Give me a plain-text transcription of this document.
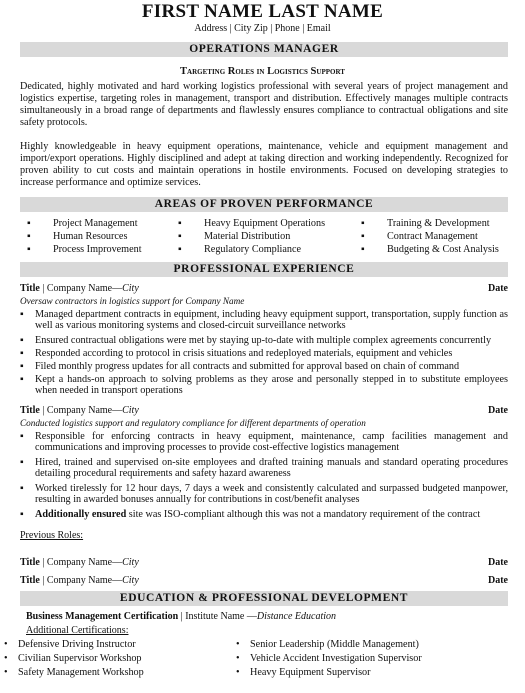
FIRST NAME LAST NAME
Address | City Zip | Phone | Email
OPERATIONS MANAGER
Targeting Roles in Logistics Support
Dedicated, highly motivated and hard working logistics professional with several years of project management and logistics expertise, targeting roles in management, transport and distribution. Effectively manages multiple contracts simultaneously in a broad range of departments and flawlessly ensures compliance to contractual obligations and site safety protocols.
Highly knowledgeable in heavy equipment operations, maintenance, vehicle and equipment management and import/export operations. Highly disciplined and adept at taking direction and working independently. Recognized for proven ability to cut costs and maintain operations in hostile environments. Focused on developing strategies to increase performance and optimize services.
AREAS OF PROVEN PERFORMANCE
▪ Project Management
▪ Human Resources
▪ Process Improvement
▪ Heavy Equipment Operations
▪ Material Distribution
▪ Regulatory Compliance
▪ Training & Development
▪ Contract Management
▪ Budgeting & Cost Analysis
PROFESSIONAL EXPERIENCE
Title | Company Name—City	Date
Oversaw contractors in logistics support for Company Name
▪ Managed department contracts in equipment, including heavy equipment support, transportation, supply function as well as various monitoring systems and closed-circuit surveillance networks
▪ Ensured contractual obligations were met by staying up-to-date with multiple complex agreements concurrently
▪ Responded according to protocol in crisis situations and redeployed materials, equipment and vehicles
▪ Filed monthly progress updates for all contracts and submitted for approval based on chain of command
▪ Kept a hands-on approach to solving problems as they arose and personally stepped in to substitute employees when needed in transport operations
Title | Company Name—City	Date
Conducted logistics support and regulatory compliance for different departments of operation
▪ Responsible for enforcing contracts in heavy equipment, maintenance, camp facilities management and communications and improving processes to provide cost-effective logistics management
▪ Hired, trained and supervised on-site employees and drafted training manuals and standard operating procedures detailing procedural requirements and safety hazard awareness
▪ Worked tirelessly for 12 hour days, 7 days a week and consistently calculated and surpassed budgeted manpower, resulting in awarded bonuses annually for contributions in cost/benefit analyses
▪ Additionally ensured site was ISO-compliant although this was not a mandatory requirement of the contract
Previous Roles:
Title | Company Name—City	Date
Title | Company Name—City	Date
EDUCATION & PROFESSIONAL DEVELOPMENT
Business Management Certification | Institute Name —Distance Education
Additional Certifications:
• Defensive Driving Instructor
• Civilian Supervisor Workshop
• Safety Management Workshop
• Senior Leadership (Middle Management)
• Vehicle Accident Investigation Supervisor
• Heavy Equipment Supervisor
